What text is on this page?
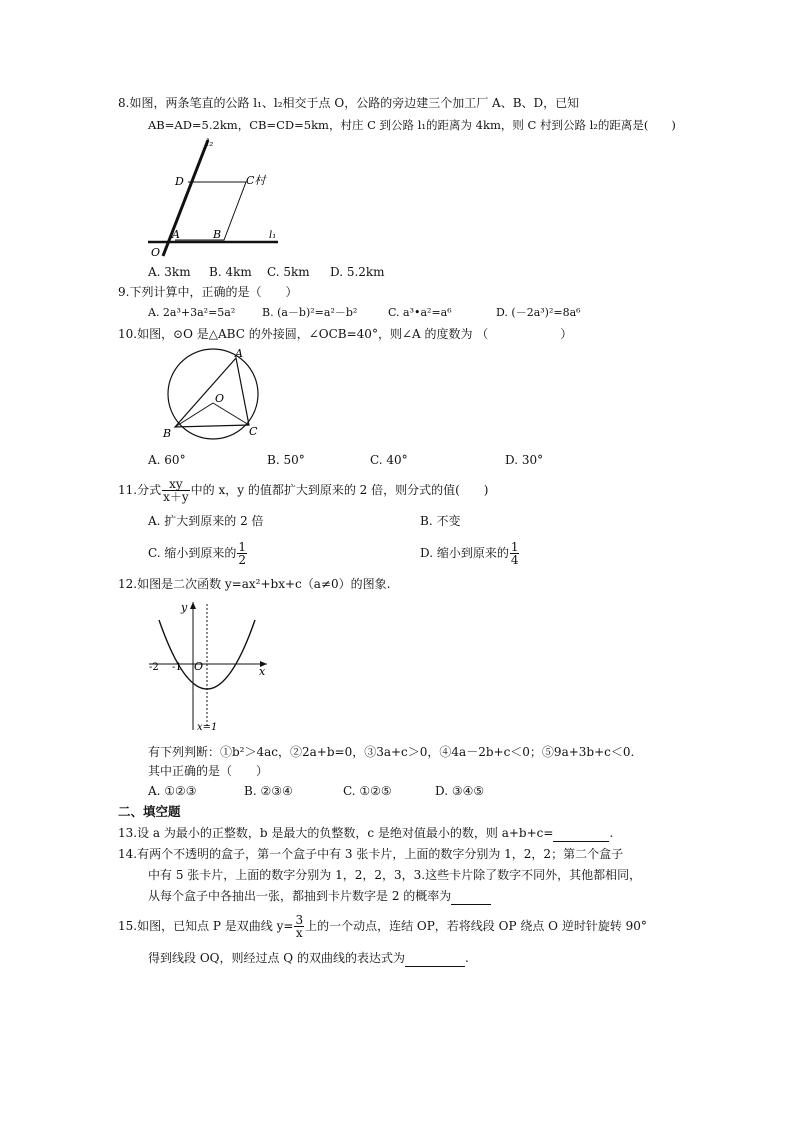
8.如图，两条笔直的公路 l₁、l₂相交于点 O，公路的旁边建三个加工厂 A、B、D，已知
AB=AD=5.2km，CB=CD=5km，村庄 C 到公路 l₁的距离为 4km，则 C 村到公路 l₂的距离是(　　)
l₂
l₁
D	C村
A	B
O
A. 3km B. 4km C. 5km D. 5.2km
9.下列计算中，正确的是（　　）
A. 2a³+3a²=5a² B. (a－b)²=a²－b²	C. a³•a²=a⁶	D. (－2a³)²=8a⁶
10.如图，⊙O 是△ABC 的外接圆，∠OCB=40°，则∠A 的度数为 （　　　　　　）
A
B	C
O
A. 60°	B. 50°	C. 40°	D. 30°
11.分式 $\frac{xy}{x+y}$ 中的 x，y 的值都扩大到原来的 2 倍，则分式的值(　　)
A. 扩大到原来的 2 倍	B. 不变
C. 缩小到原来的 $\frac{1}{2}$	D. 缩小到原来的 $\frac{1}{4}$
12.如图是二次函数 y=ax²+bx+c（a≠0）的图象.
y
x
-2 -1 O
x=1
有下列判断：①b²＞4ac，②2a+b=0，③3a+c＞0，④4a－2b+c＜0；⑤9a+3b+c＜0.
其中正确的是（　　）
A. ①②③	B. ②③④	C. ①②⑤	D. ③④⑤
二、填空题
13.设 a 为最小的正整数，b 是最大的负整数，c 是绝对值最小的数，则 a+b+c=	.
14.有两个不透明的盒子，第一个盒子中有 3 张卡片，上面的数字分别为 1，2，2；第二个盒子
中有 5 张卡片，上面的数字分别为 1，2，2，3，3.这些卡片除了数字不同外，其他都相同，
从每个盒子中各抽出一张，都抽到卡片数字是 2 的概率为
15.如图，已知点 P 是双曲线 $y= \frac{3}{x}$ 上的一个动点，连结 OP，若将线段 OP 绕点 O 逆时针旋转 90°
得到线段 OQ，则经过点 Q 的双曲线的表达式为	.
